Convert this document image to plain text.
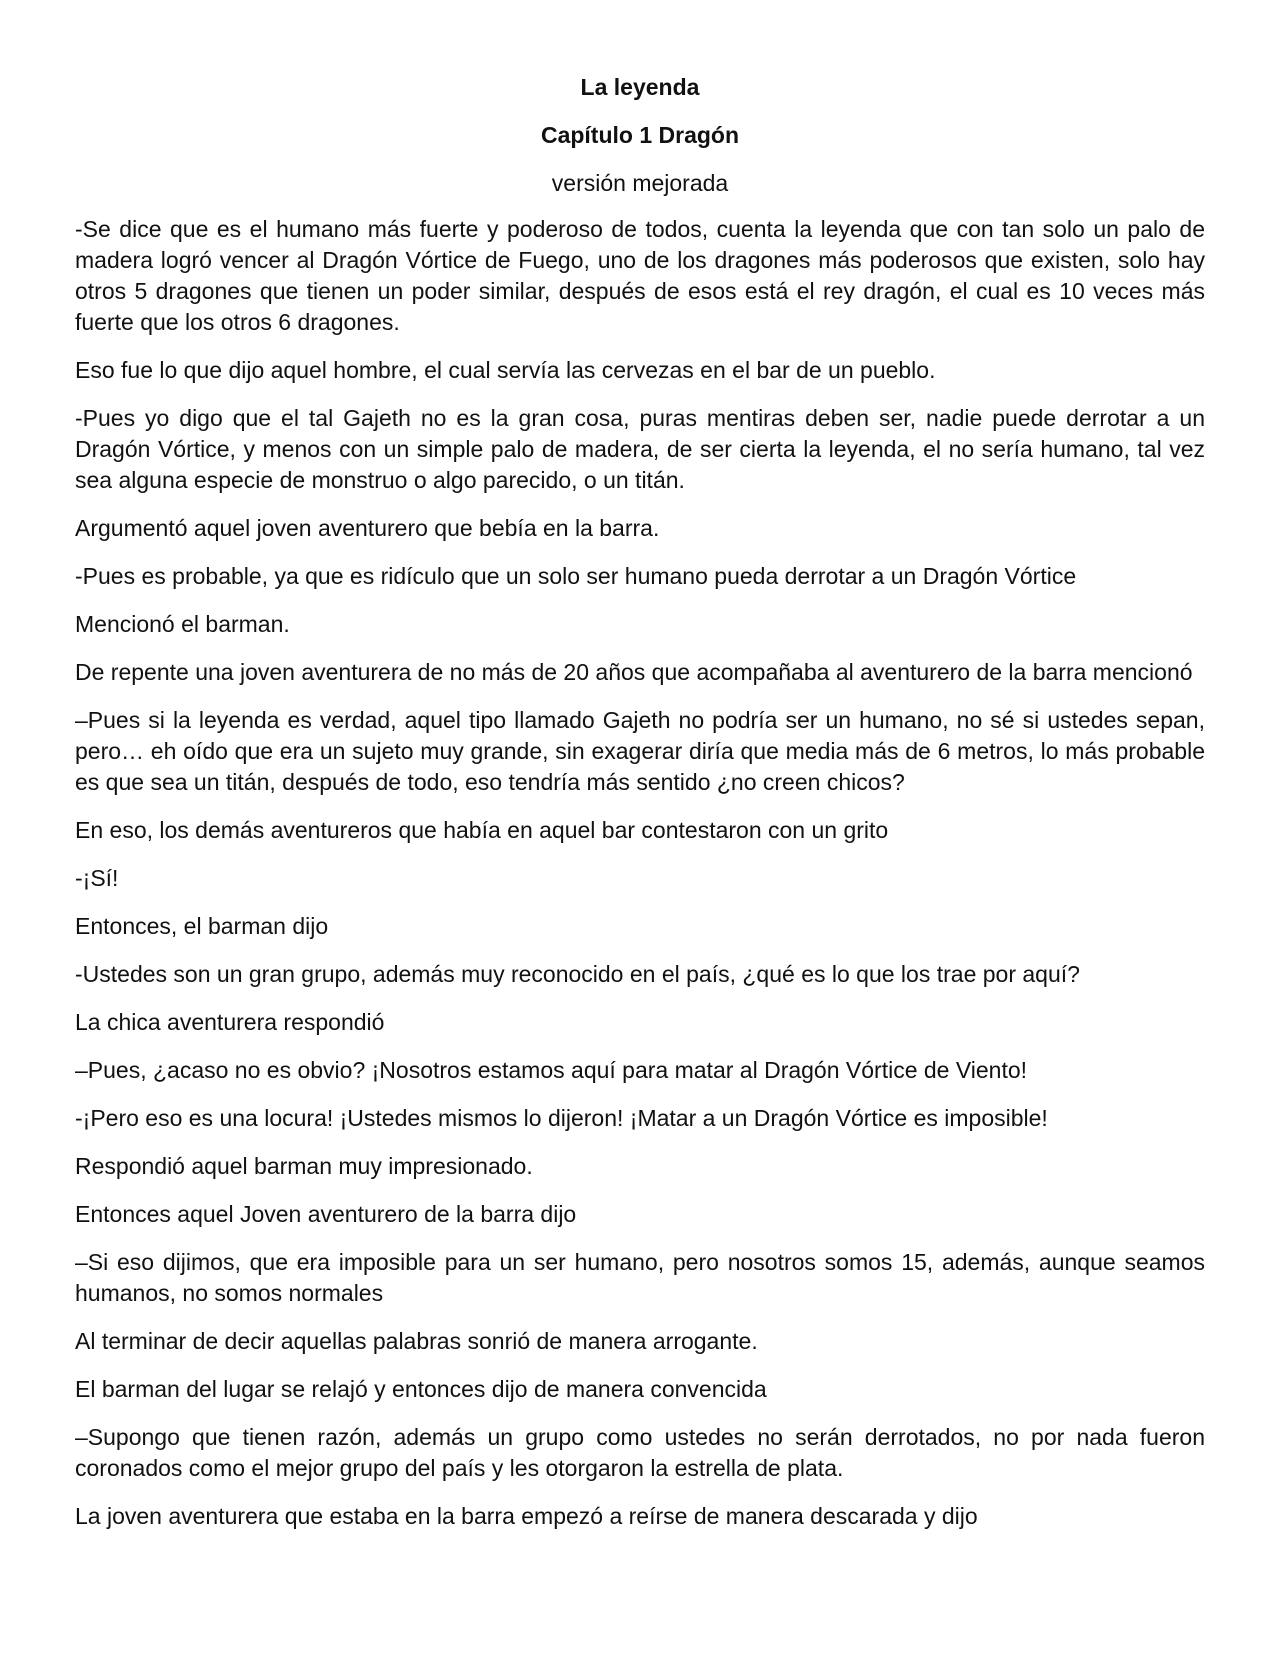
La leyenda
Capítulo 1 Dragón
versión mejorada

-Se dice que es el humano más fuerte y poderoso de todos, cuenta la leyenda que con tan solo un palo de madera logró vencer al Dragón Vórtice de Fuego, uno de los dragones más poderosos que existen, solo hay otros 5 dragones que tienen un poder similar, después de esos está el rey dragón, el cual es 10 veces más fuerte que los otros 6 dragones.

Eso fue lo que dijo aquel hombre, el cual servía las cervezas en el bar de un pueblo.

-Pues yo digo que el tal Gajeth no es la gran cosa, puras mentiras deben ser, nadie puede derrotar a un Dragón Vórtice, y menos con un simple palo de madera, de ser cierta la leyenda, el no sería humano, tal vez sea alguna especie de monstruo o algo parecido, o un titán.

Argumentó aquel joven aventurero que bebía en la barra.

-Pues es probable, ya que es ridículo que un solo ser humano pueda derrotar a un Dragón Vórtice

Mencionó el barman.

De repente una joven aventurera de no más de 20 años que acompañaba al aventurero de la barra mencionó

–Pues si la leyenda es verdad, aquel tipo llamado Gajeth no podría ser un humano, no sé si ustedes sepan, pero… eh oído que era un sujeto muy grande, sin exagerar diría que media más de 6 metros, lo más probable es que sea un titán, después de todo, eso tendría más sentido ¿no creen chicos?

En eso, los demás aventureros que había en aquel bar contestaron con un grito

-¡Sí!

Entonces, el barman dijo

-Ustedes son un gran grupo, además muy reconocido en el país, ¿qué es lo que los trae por aquí?

La chica aventurera respondió

–Pues, ¿acaso no es obvio? ¡Nosotros estamos aquí para matar al Dragón Vórtice de Viento!

-¡Pero eso es una locura! ¡Ustedes mismos lo dijeron! ¡Matar a un Dragón Vórtice es imposible!

Respondió aquel barman muy impresionado.

Entonces aquel Joven aventurero de la barra dijo

–Si eso dijimos, que era imposible para un ser humano, pero nosotros somos 15, además, aunque seamos humanos, no somos normales

Al terminar de decir aquellas palabras sonrió de manera arrogante.

El barman del lugar se relajó y entonces dijo de manera convencida

–Supongo que tienen razón, además un grupo como ustedes no serán derrotados, no por nada fueron coronados como el mejor grupo del país y les otorgaron la estrella de plata.

La joven aventurera que estaba en la barra empezó a reírse de manera descarada y dijo
